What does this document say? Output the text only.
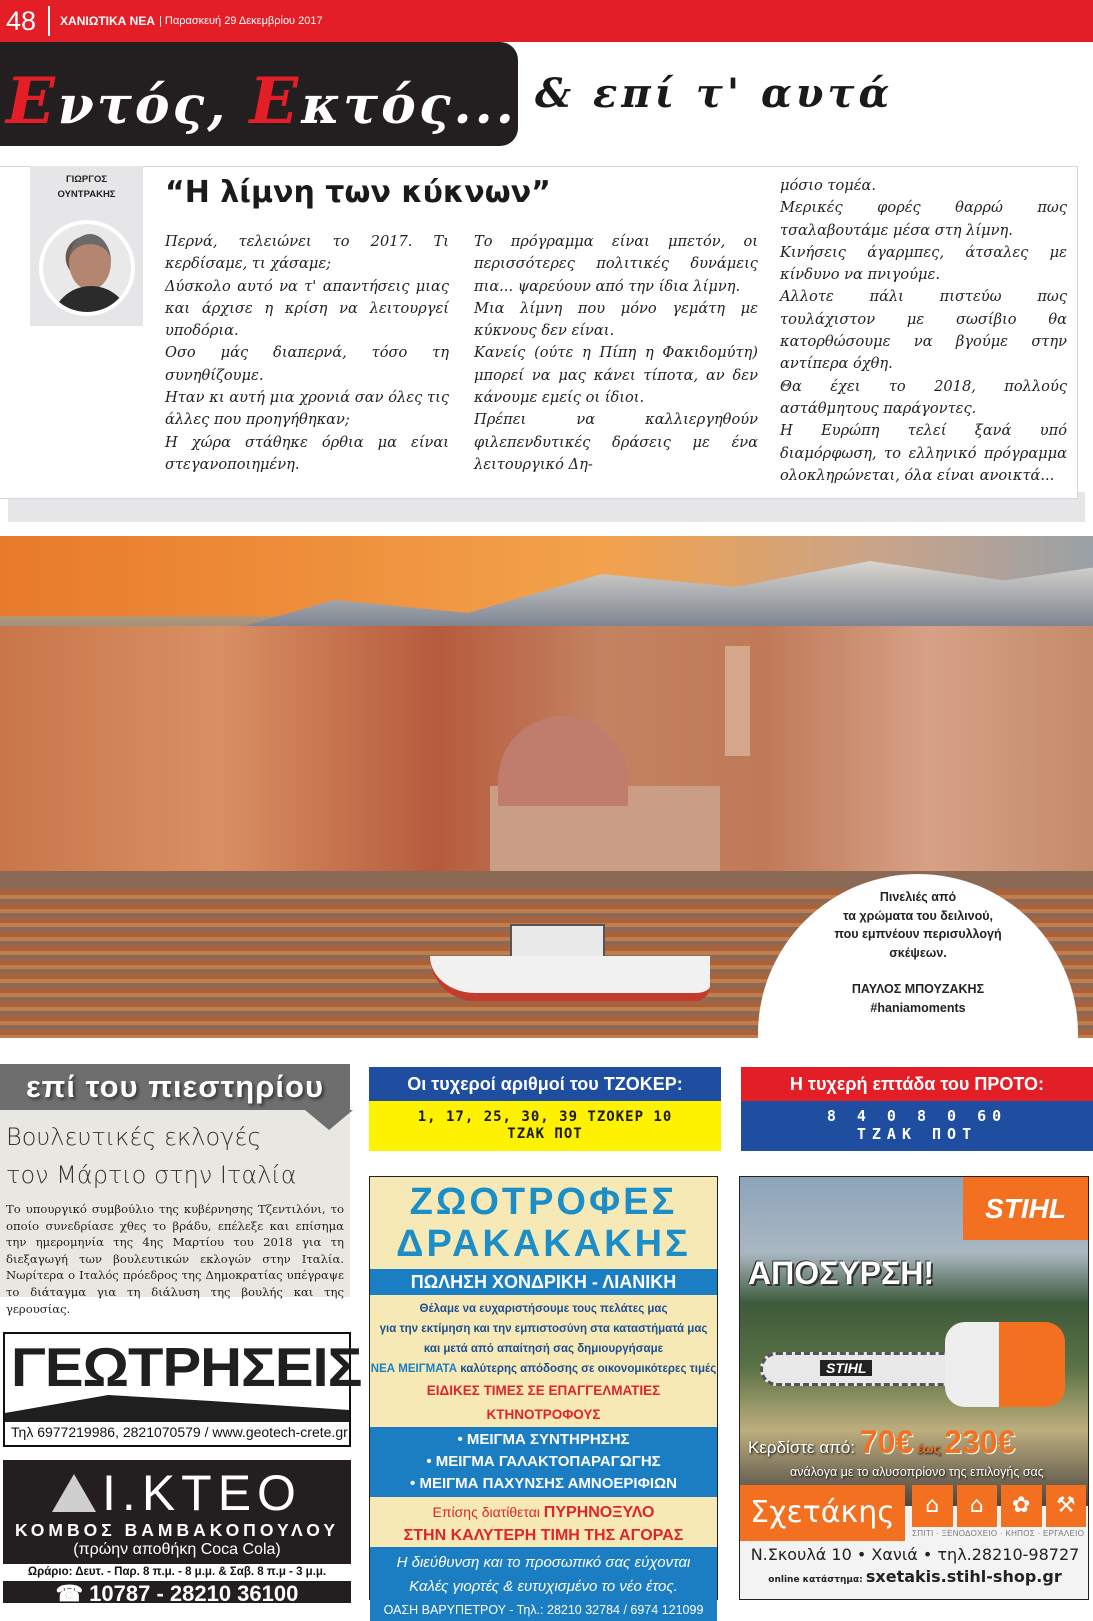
48	ΧΑΝΙΩΤΙΚΑ ΝΕΑ | Παρασκευή 29 Δεκεμβρίου 2017
Εντός, Εκτός... & επί τ' αυτά
ΓΙΩΡΓΟΣ
ΟΥΝΤΡΑΚΗΣ	“Η λίμνη των κύκνων”

Περνά, τελειώνει το 2017. Τι κερδίσαμε, τι χάσαμε;

Δύσκολο αυτό να τ' απαντήσεις μιας και άρχισε η κρίση να λειτουργεί υποδόρια.

Οσο μάς διαπερνά, τόσο τη συνηθίζουμε.

Ηταν κι αυτή μια χρονιά σαν όλες τις άλλες που προηγήθηκαν;

Η χώρα στάθηκε όρθια μα είναι στεγανοποιημένη.

Το πρόγραμμα είναι μπετόν, οι περισσότερες πολιτικές δυνάμεις πια... ψαρεύουν από την ίδια λίμνη.

Μια λίμνη που μόνο γεμάτη με κύκνους δεν είναι.

Κανείς (ούτε η Πίπη η Φακιδομύτη) μπορεί να μας κάνει τίποτα, αν δεν κάνουμε εμείς οι ίδιοι.

Πρέπει να καλλιεργηθούν φιλεπενδυτικές δράσεις με ένα λειτουργικό Δη-

μόσιο τομέα.

Μερικές φορές θαρρώ πως τσαλαβουτάμε μέσα στη λίμνη.

Κινήσεις άγαρμπες, άτσαλες με κίνδυνο να πνιγούμε.

Αλλοτε πάλι πιστεύω πως τουλάχιστον με σωσίβιο θα κατορθώσουμε να βγούμε στην αντίπερα όχθη.

Θα έχει το 2018, πολλούς αστάθμητους παράγοντες.

Η Ευρώπη τελεί ξανά υπό διαμόρφωση, το ελληνικό πρόγραμμα ολοκληρώνεται, όλα είναι ανοικτά...

Πινελιές από
τα χρώματα του δειλινού,
που εμπνέουν περισυλλογή
σκέψεων.
ΠΑΥΛΟΣ ΜΠΟΥΖΑΚΗΣ
#haniamoments
επί του πιεστηρίου
Βουλευτικές εκλογές
τον Μάρτιο στην Ιταλία
Το υπουργικό συμβούλιο της κυβέρνησης Τζεντιλόνι, το οποίο συνεδρίασε χθες το βράδυ, επέλεξε και επίσημα την ημερομηνία της 4ης Μαρτίου του 2018 για τη διεξαγωγή των βουλευτικών εκλογών στην Ιταλία. Νωρίτερα ο Ιταλός πρόεδρος της Δημοκρατίας υπέγραψε το διάταγμα για τη διάλυση της βουλής και της γερουσίας.
Οι τυχεροί αριθμοί του ΤΖΟΚΕΡ:
1, 17, 25, 30, 39 ΤΖΟΚΕΡ 10
ΤΖΑΚ ΠΟΤ
Η τυχερή επτάδα του ΠΡΟΤΟ:
8 4 0 8 0 60
ΤΖΑΚ ΠΟΤ
ΓΕΩΤΡΗΣΕΙΣ
Τηλ 6977219986, 2821070579 / www.geotech-crete.gr
I.ΚΤΕΟ
ΚΟΜΒΟΣ ΒΑΜΒΑΚΟΠΟΥΛΟΥ
(πρώην αποθήκη Coca Cola)
Ωράριο: Δευτ. - Παρ. 8 π.μ. - 8 μ.μ. & Σαβ. 8 π.μ - 3 μ.μ.
☎ 10787 - 28210 36100
ΖΩΟΤΡΟΦΕΣ
ΔΡΑΚΑΚΑΚΗΣ
ΠΩΛΗΣΗ ΧΟΝΔΡΙΚΗ - ΛΙΑΝΙΚΗ
Θέλαμε να ευχαριστήσουμε τους πελάτες μας
για την εκτίμηση και την εμπιστοσύνη στα καταστήματά μας
και μετά από απαίτησή σας δημιουργήσαμε
ΝΕΑ ΜΕΙΓΜΑΤΑ καλύτερης απόδοσης σε οικονομικότερες τιμές
ΕΙΔΙΚΕΣ ΤΙΜΕΣ ΣΕ ΕΠΑΓΓΕΛΜΑΤΙΕΣ ΚΤΗΝΟΤΡΟΦΟΥΣ
• ΜΕΙΓΜΑ ΣΥΝΤΗΡΗΣΗΣ
• ΜΕΙΓΜΑ ΓΑΛΑΚΤΟΠΑΡΑΓΩΓΗΣ
• ΜΕΙΓΜΑ ΠΑΧΥΝΣΗΣ ΑΜΝΟΕΡΙΦΙΩΝ
Επίσης διατίθεται ΠΥΡΗΝΟΞΥΛΟ
ΣΤΗΝ ΚΑΛΥΤΕΡΗ ΤΙΜΗ ΤΗΣ ΑΓΟΡΑΣ
Η διεύθυνση και το προσωπικό σας εύχονται
Καλές γιορτές & ευτυχισμένο το νέο έτος.
ΟΑΣΗ ΒΑΡΥΠΕΤΡΟΥ - Τηλ.: 28210 32784 / 6974 121099
STIHL
ΑΠΟΣΥΡΣΗ!
STIHL
Κερδίστε από: 70€ έως 230€
ανάλογα με το αλυσοπρίονο της επιλογής σας
Σχετάκης	⌂	⌂	✿	⚒
ΣΠΙΤΙ · ΞΕΝΟΔΟΧΕΙΟ · ΚΗΠΟΣ · ΕΡΓΑΛΕΙΟ
Ν.Σκουλά 10 • Χανιά • τηλ.28210-98727
online κατάστημα: sxetakis.stihl-shop.gr
